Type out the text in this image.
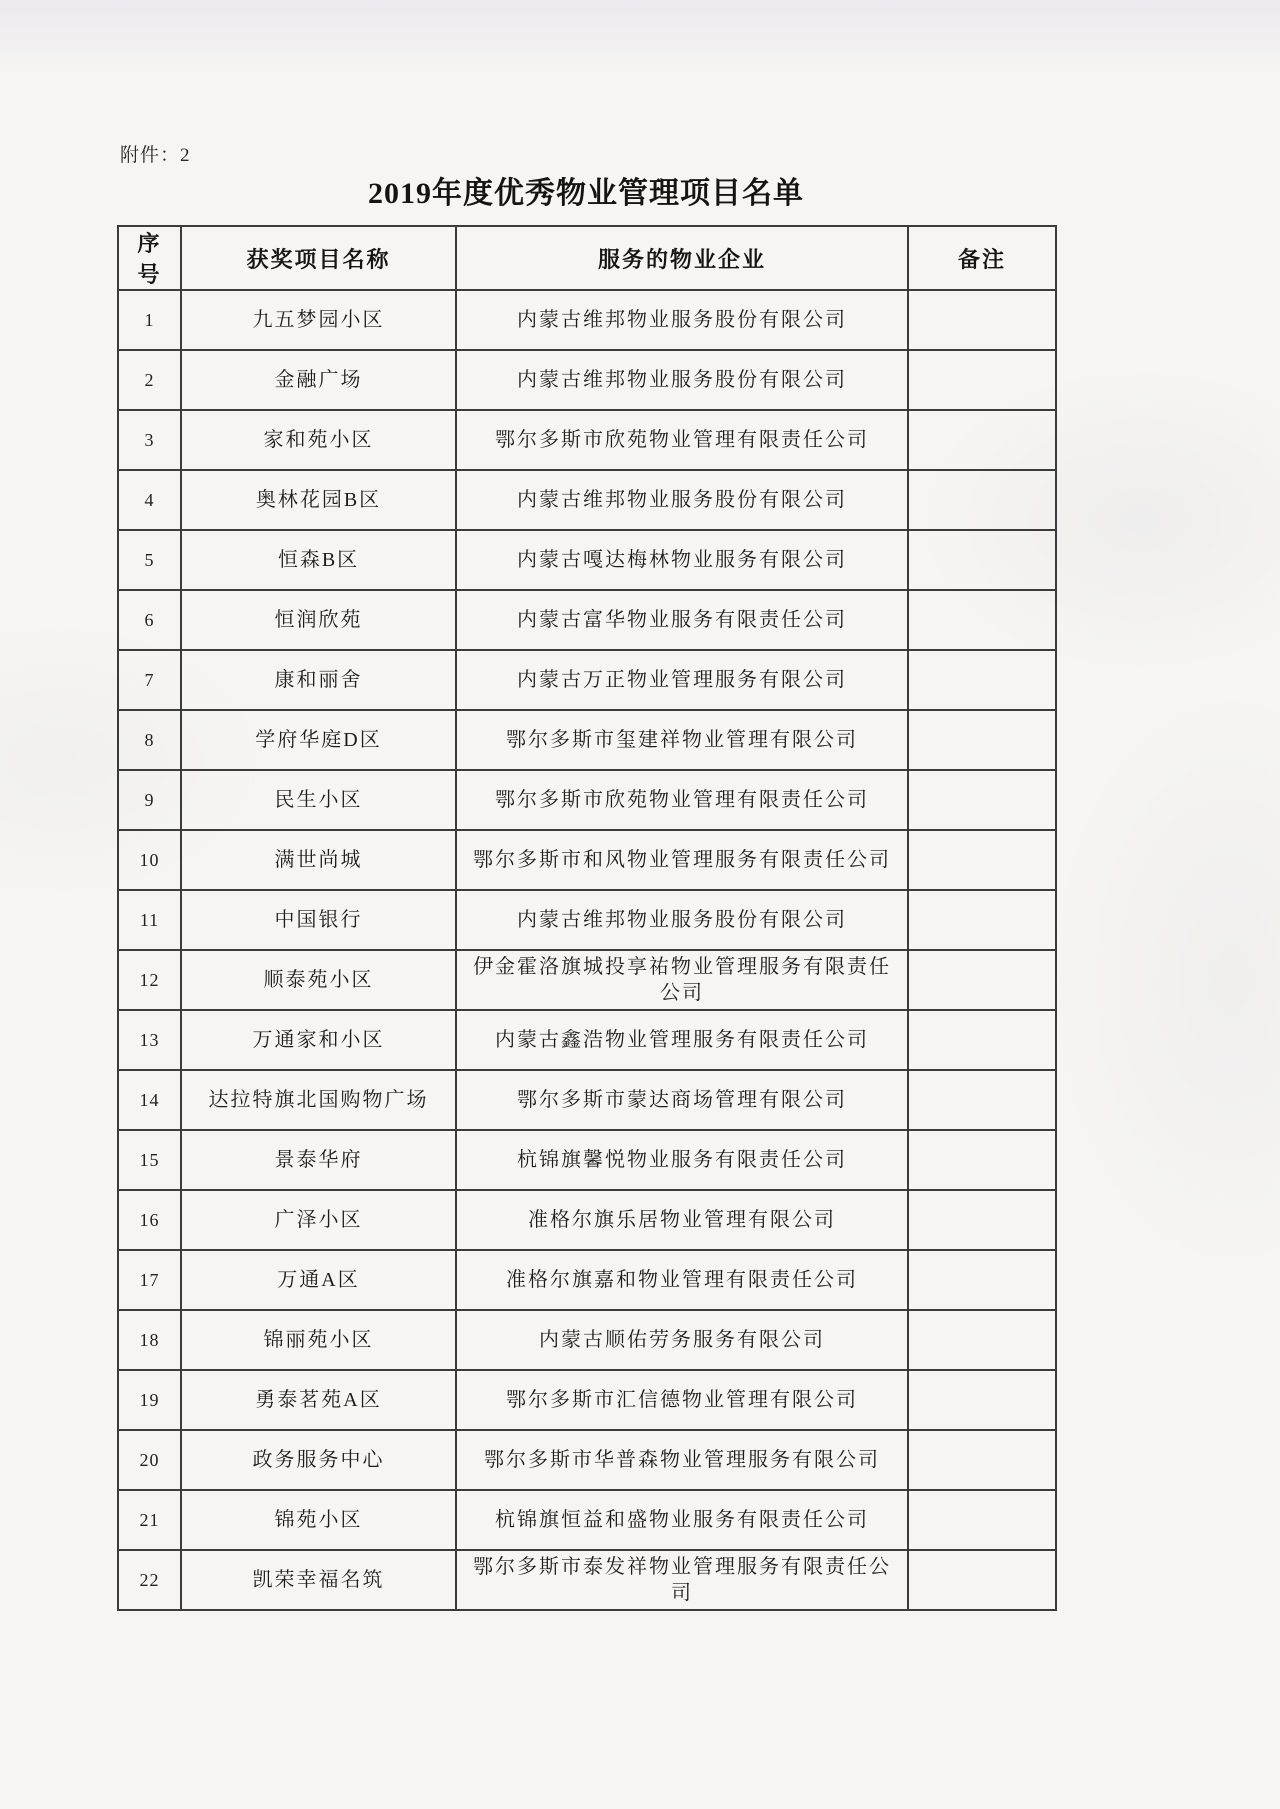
附件：2
2019年度优秀物业管理项目名单
序号	获奖项目名称	服务的物业企业	备注
1	九五梦园小区	内蒙古维邦物业服务股份有限公司	
2	金融广场	内蒙古维邦物业服务股份有限公司	
3	家和苑小区	鄂尔多斯市欣苑物业管理有限责任公司	
4	奥林花园B区	内蒙古维邦物业服务股份有限公司	
5	恒森B区	内蒙古嘎达梅林物业服务有限公司	
6	恒润欣苑	内蒙古富华物业服务有限责任公司	
7	康和丽舍	内蒙古万正物业管理服务有限公司	
8	学府华庭D区	鄂尔多斯市玺建祥物业管理有限公司	
9	民生小区	鄂尔多斯市欣苑物业管理有限责任公司	
10	满世尚城	鄂尔多斯市和风物业管理服务有限责任公司	
11	中国银行	内蒙古维邦物业服务股份有限公司	
12	顺泰苑小区	伊金霍洛旗城投享祐物业管理服务有限责任公司	
13	万通家和小区	内蒙古鑫浩物业管理服务有限责任公司	
14	达拉特旗北国购物广场	鄂尔多斯市蒙达商场管理有限公司	
15	景泰华府	杭锦旗馨悦物业服务有限责任公司	
16	广泽小区	准格尔旗乐居物业管理有限公司	
17	万通A区	准格尔旗嘉和物业管理有限责任公司	
18	锦丽苑小区	内蒙古顺佑劳务服务有限公司	
19	勇泰茗苑A区	鄂尔多斯市汇信德物业管理有限公司	
20	政务服务中心	鄂尔多斯市华普森物业管理服务有限公司	
21	锦苑小区	杭锦旗恒益和盛物业服务有限责任公司	
22	凯荣幸福名筑	鄂尔多斯市泰发祥物业管理服务有限责任公司	
